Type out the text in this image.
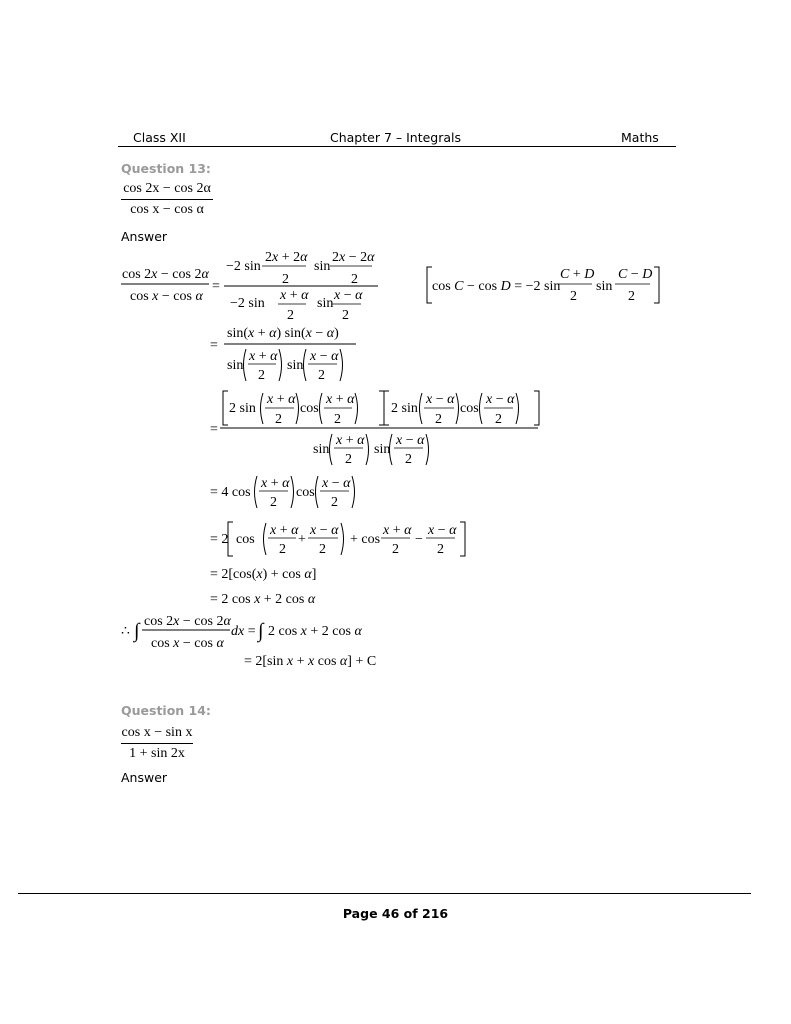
Class XII	Chapter 7 – Integrals	Maths
Question 13:
cos 2x − cos 2α
cos x − cos α
Answer
cos 2x − cos 2α
cos x − cos α
=
−2 sin
2x + 2α
2
sin
2x − 2α
2
−2 sin
x + α
2
sin
x − α
2
cos C − cos D = −2 sin
C + D
2
sin
C − D
2
=
sin(x + α) sin(x − α)
sin
x + α
2
sin
x − α
2
=
2 sin
x + α
2
cos
x + α
2
2 sin
x − α
2
cos
x − α
2
sin
x + α
2
sin
x − α
2
= 4 cos
x + α
2
cos
x − α
2
= 2 cos
x + α
2
+
x − α
2
+ cos
x + α
2
−
x − α
2
= 2[cos(x) + cos α]
= 2 cos x + 2 cos α
∴ ∫ cos 2x − cos 2α
cos x − cos α
dx = ∫ 2 cos x + 2 cos α
= 2[sin x + x cos α] + C
Question 14:
cos x − sin x
1 + sin 2x
Answer
Page 46 of 216
